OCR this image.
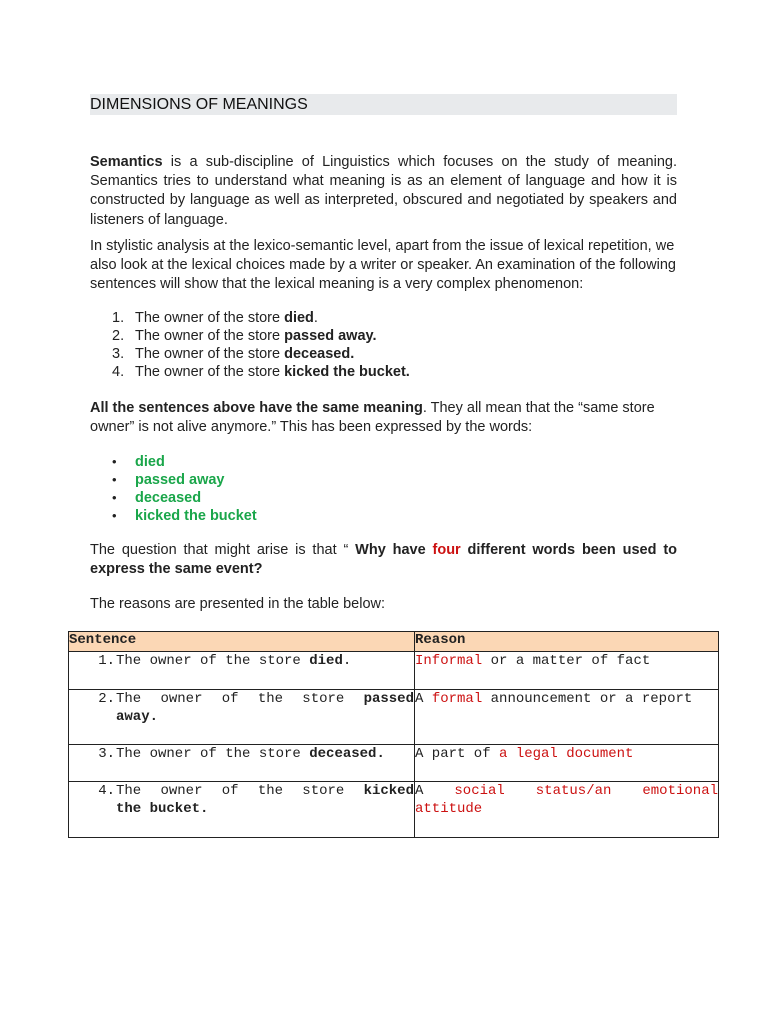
DIMENSIONS OF MEANINGS

Semantics is a sub-discipline of Linguistics which focuses on the study of meaning. Semantics tries to understand what meaning is as an element of language and how it is constructed by language as well as interpreted, obscured and negotiated by speakers and listeners of language.

In stylistic analysis at the lexico-semantic level, apart from the issue of lexical repetition, we also look at the lexical choices made by a writer or speaker. An examination of the following sentences will show that the lexical meaning is a very complex phenomenon:

1. The owner of the store died.
2. The owner of the store passed away.
3. The owner of the store deceased.
4. The owner of the store kicked the bucket.

All the sentences above have the same meaning. They all mean that the “same store owner” is not alive anymore.” This has been expressed by the words:

•	died
•	passed away
•	deceased
•	kicked the bucket

The question that might arise is that “ Why have four different words been used to express the same event?

The reasons are presented in the table below:

Sentence	Reason

1. The owner of the store died.	Informal or a matter of fact

2. The owner of the store passed
away.	A formal announcement or a report

3. The owner of the store deceased.	A part of a legal document

4. The owner of the store kicked
the bucket.	A social status/an emotional
attitude
